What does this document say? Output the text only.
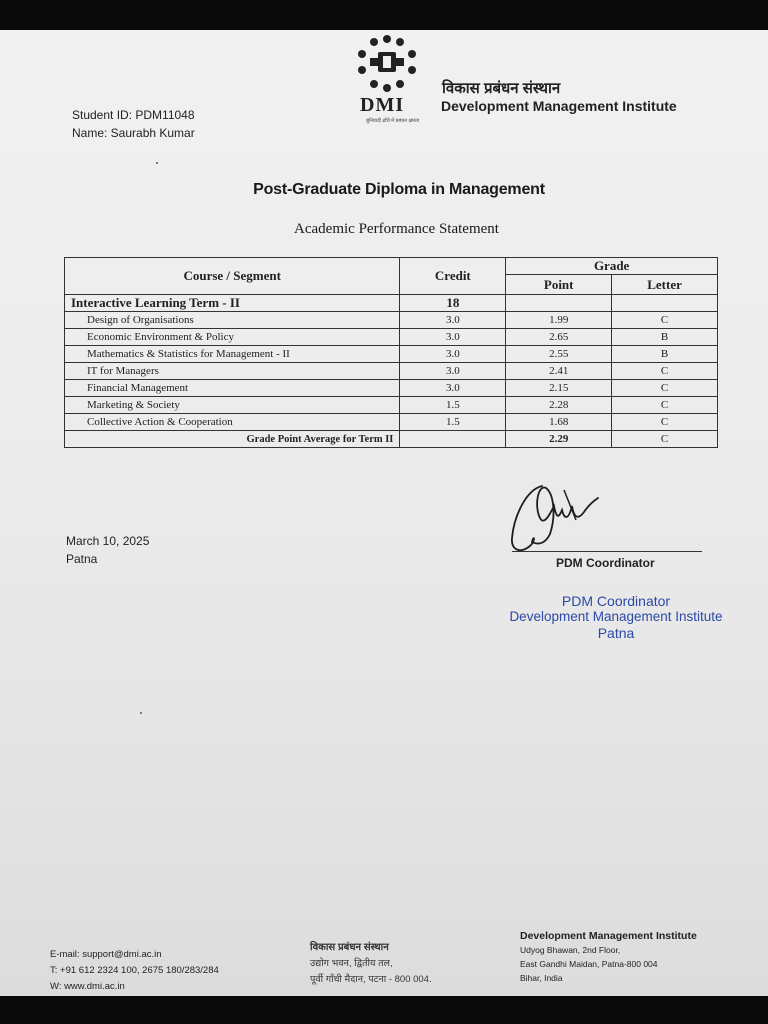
DMI
बुनियादी ढाँचे में प्रबंधन क्षमता
विकास प्रबंधन संस्थान
Development Management Institute
Student ID: PDM11048
Name: Saurabh Kumar
Post-Graduate Diploma in Management
Academic Performance Statement
Course / Segment	Credit	Grade	
		Point	Letter
Interactive Learning Term - II	18		
Design of Organisations	3.0	1.99	C
Economic Environment & Policy	3.0	2.65	B
Mathematics & Statistics for Management - II	3.0	2.55	B
IT for Managers	3.0	2.41	C
Financial Management	3.0	2.15	C
Marketing & Society	1.5	2.28	C
Collective Action & Cooperation	1.5	1.68	C
Grade Point Average for Term II		2.29	C
PDM Coordinator
March 10, 2025
Patna
PDM Coordinator
Development Management Institute
Patna
E-mail: support@dmi.ac.in
T: +91 612 2324 100, 2675 180/283/284
W: www.dmi.ac.in
विकास प्रबंधन संस्थान
उद्योग भवन, द्वितीय तल,
पूर्वी गाँधी मैदान, पटना - 800 004.
Development Management Institute
Udyog Bhawan, 2nd Floor,
East Gandhi Maidan, Patna-800 004
Bihar, India
